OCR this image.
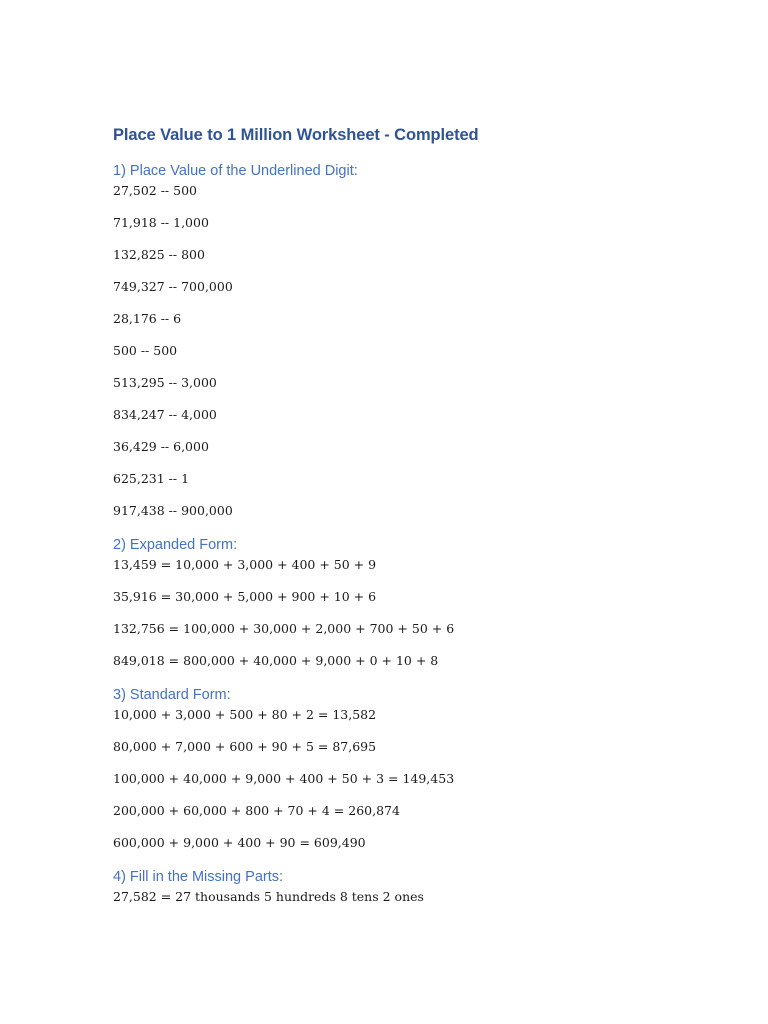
Place Value to 1 Million Worksheet - Completed
1) Place Value of the Underlined Digit:

27,502 -- 500

71,918 -- 1,000

132,825 -- 800

749,327 -- 700,000

28,176 -- 6

500 -- 500

513,295 -- 3,000

834,247 -- 4,000

36,429 -- 6,000

625,231 -- 1

917,438 -- 900,000

2) Expanded Form:

13,459 = 10,000 + 3,000 + 400 + 50 + 9

35,916 = 30,000 + 5,000 + 900 + 10 + 6

132,756 = 100,000 + 30,000 + 2,000 + 700 + 50 + 6

849,018 = 800,000 + 40,000 + 9,000 + 0 + 10 + 8

3) Standard Form:

10,000 + 3,000 + 500 + 80 + 2 = 13,582

80,000 + 7,000 + 600 + 90 + 5 = 87,695

100,000 + 40,000 + 9,000 + 400 + 50 + 3 = 149,453

200,000 + 60,000 + 800 + 70 + 4 = 260,874

600,000 + 9,000 + 400 + 90 = 609,490

4) Fill in the Missing Parts:

27,582 = 27 thousands 5 hundreds 8 tens 2 ones
